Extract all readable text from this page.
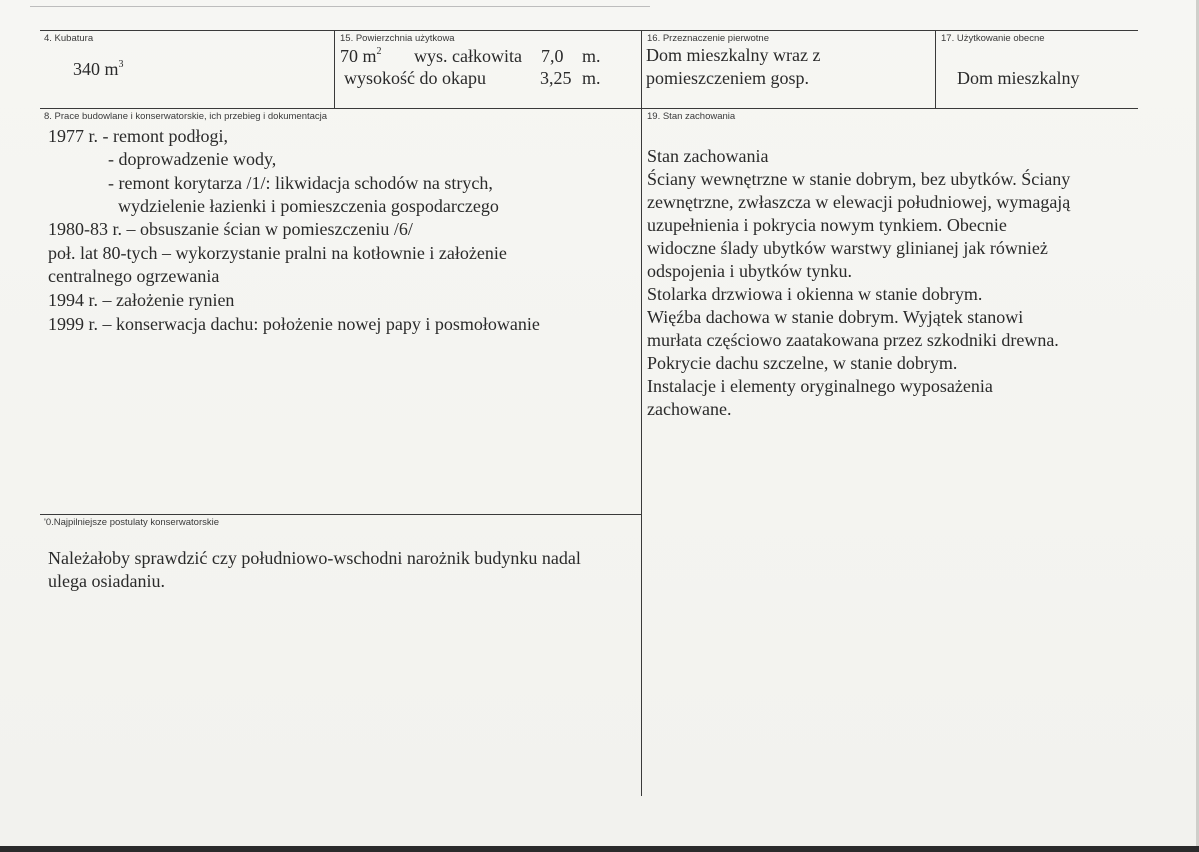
4. Kubatura
340 $m^3$
15. Powierzchnia użytkowa
70 $m^2$ wys. całkowita 7,0 m.
wysokość do okapu	3,25 m.
16. Przeznaczenie pierwotne
Dom mieszkalny wraz z
pomieszczeniem gosp.
17. Użytkowanie obecne
Dom mieszkalny
8. Prace budowlane i konserwatorskie, ich przebieg i dokumentacja
1977 r. - remont podłogi,
- doprowadzenie wody,
- remont korytarza /1/: likwidacja schodów na strych,
wydzielenie łazienki i pomieszczenia gospodarczego
1980-83 r. – obsuszanie ścian w pomieszczeniu /6/
poł. lat 80-tych – wykorzystanie pralni na kotłownie i założenie
centralnego ogrzewania
1994 r. – założenie rynien
1999 r. – konserwacja dachu: położenie nowej papy i posmołowanie
19. Stan zachowania
Stan zachowania
Ściany wewnętrzne w stanie dobrym, bez ubytków. Ściany
zewnętrzne, zwłaszcza w elewacji południowej, wymagają
uzupełnienia i pokrycia nowym tynkiem. Obecnie
widoczne ślady ubytków warstwy glinianej jak również
odspojenia i ubytków tynku.
Stolarka drzwiowa i okienna w stanie dobrym.
Więźba dachowa w stanie dobrym. Wyjątek stanowi
murłata częściowo zaatakowana przez szkodniki drewna.
Pokrycie dachu szczelne, w stanie dobrym.
Instalacje i elementy oryginalnego wyposażenia
zachowane.
'0.Najpilniejsze postulaty konserwatorskie
Należałoby sprawdzić czy południowo-wschodni narożnik budynku nadal
ulega osiadaniu.
